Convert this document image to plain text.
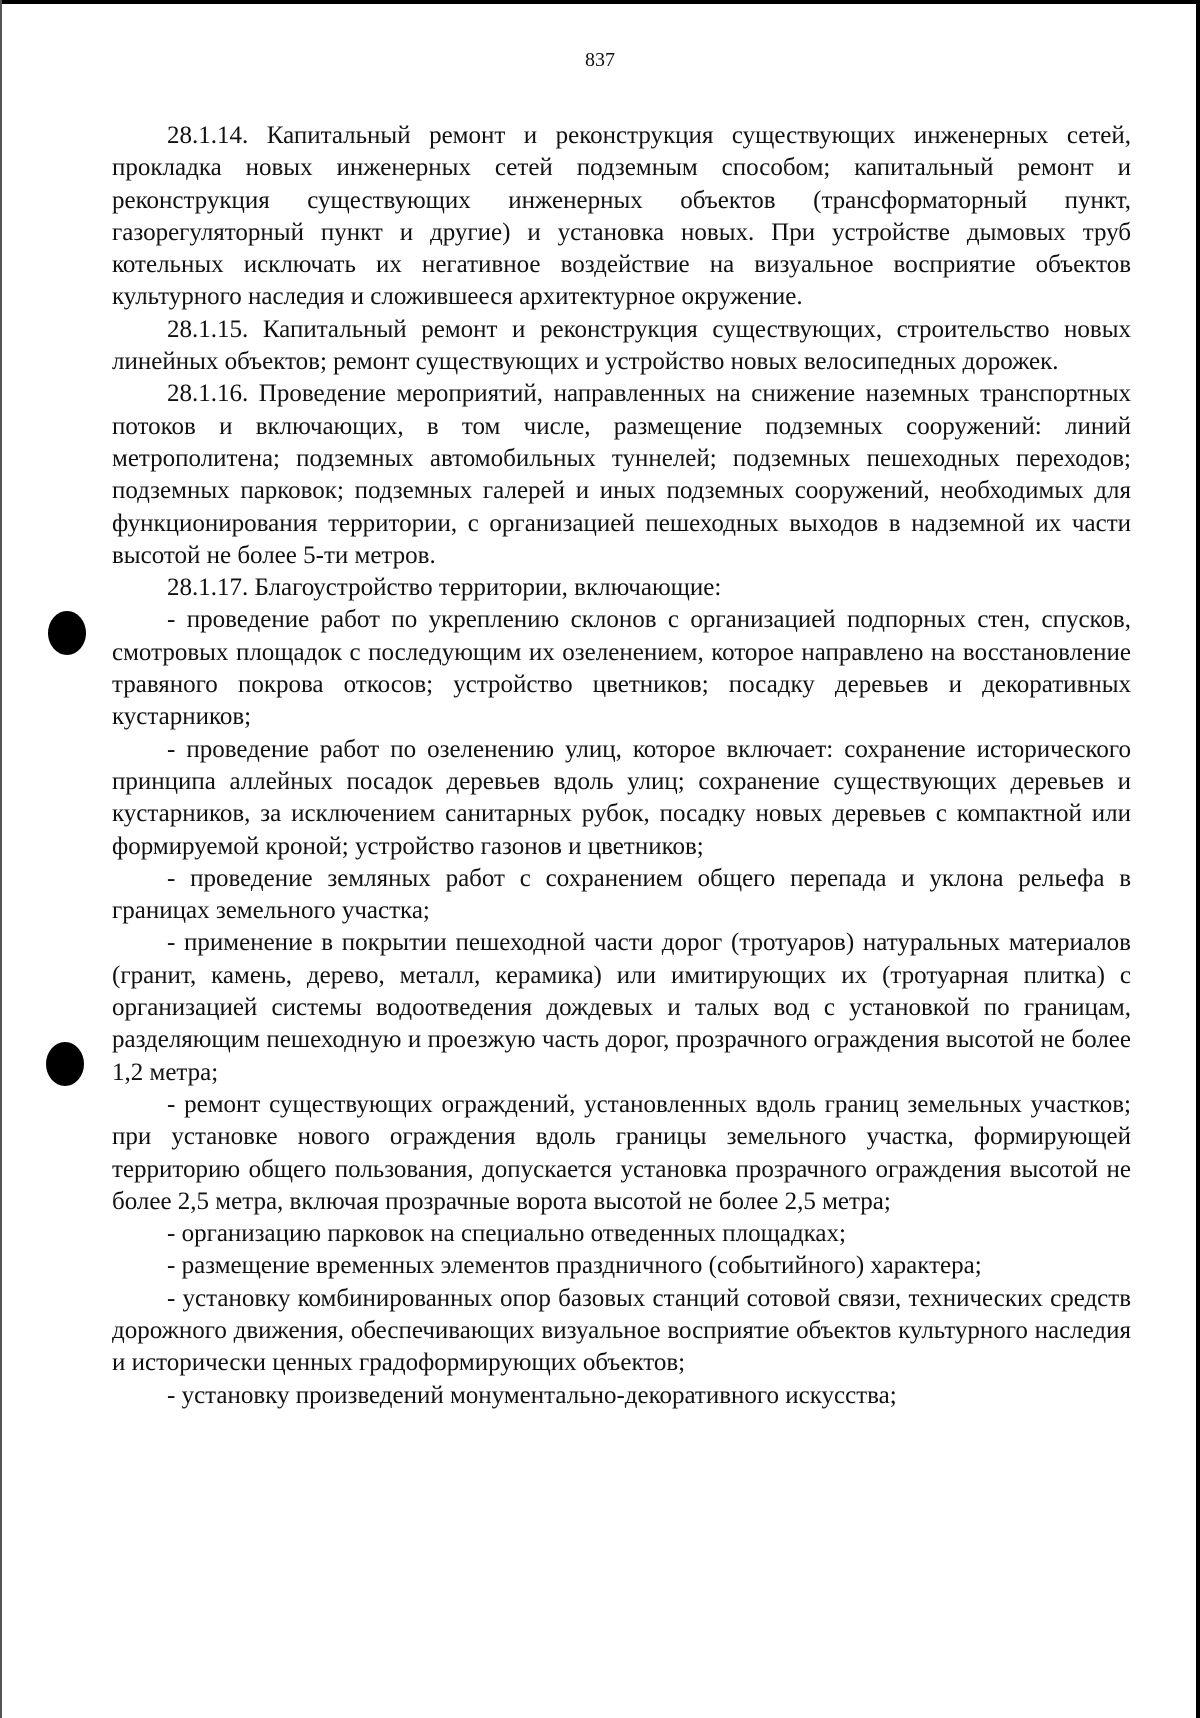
837

28.1.14. Капитальный ремонт и реконструкция существующих инженерных сетей, прокладка новых инженерных сетей подземным способом; капитальный ремонт и реконструкция существующих инженерных объектов (трансформаторный пункт, газорегуляторный пункт и другие) и установка новых. При устройстве дымовых труб котельных исключать их негативное воздействие на визуальное восприятие объектов культурного наследия и сложившееся архитектурное окружение.

28.1.15. Капитальный ремонт и реконструкция существующих, строительство новых линейных объектов; ремонт существующих и устройство новых велосипедных дорожек.

28.1.16. Проведение мероприятий, направленных на снижение наземных транспортных потоков и включающих, в том числе, размещение подземных сооружений: линий метрополитена; подземных автомобильных туннелей; подземных пешеходных переходов; подземных парковок; подземных галерей и иных подземных сооружений, необходимых для функционирования территории, с организацией пешеходных выходов в надземной их части высотой не более 5-ти метров.

28.1.17. Благоустройство территории, включающие:

- проведение работ по укреплению склонов с организацией подпорных стен, спусков, смотровых площадок с последующим их озеленением, которое направлено на восстановление травяного покрова откосов; устройство цветников; посадку деревьев и декоративных кустарников;

- проведение работ по озеленению улиц, которое включает: сохранение исторического принципа аллейных посадок деревьев вдоль улиц; сохранение существующих деревьев и кустарников, за исключением санитарных рубок, посадку новых деревьев с компактной или формируемой кроной; устройство газонов и цветников;

- проведение земляных работ с сохранением общего перепада и уклона рельефа в границах земельного участка;

- применение в покрытии пешеходной части дорог (тротуаров) натуральных материалов (гранит, камень, дерево, металл, керамика) или имитирующих их (тротуарная плитка) с организацией системы водоотведения дождевых и талых вод с установкой по границам, разделяющим пешеходную и проезжую часть дорог, прозрачного ограждения высотой не более 1,2 метра;

- ремонт существующих ограждений, установленных вдоль границ земельных участков; при установке нового ограждения вдоль границы земельного участка, формирующей территорию общего пользования, допускается установка прозрачного ограждения высотой не более 2,5 метра, включая прозрачные ворота высотой не более 2,5 метра;

- организацию парковок на специально отведенных площадках;

- размещение временных элементов праздничного (событийного) характера;

- установку комбинированных опор базовых станций сотовой связи, технических средств дорожного движения, обеспечивающих визуальное восприятие объектов культурного наследия и исторически ценных градоформирующих объектов;

- установку произведений монументально-декоративного искусства;
